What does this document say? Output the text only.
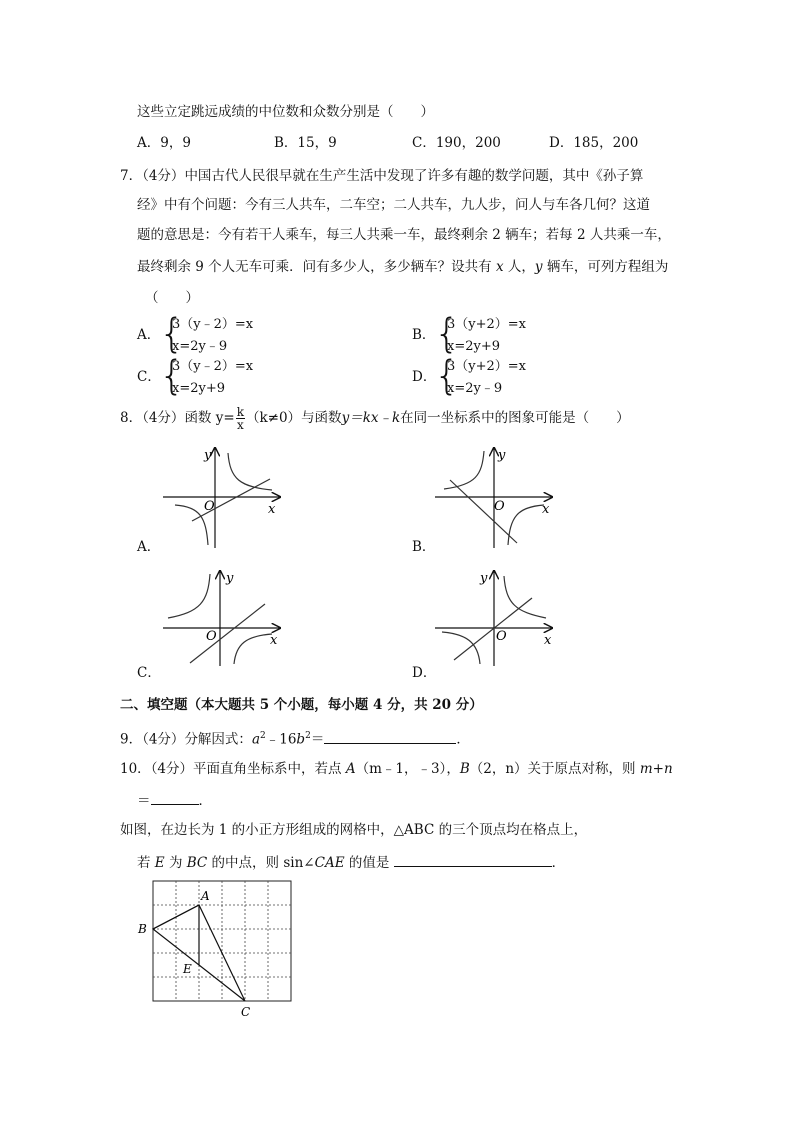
这些立定跳远成绩的中位数和众数分别是（　　）
A．9，9	B．15，9	C．190，200	D．185，200
7．（4分）中国古代人民很早就在生产生活中发现了许多有趣的数学问题，其中《孙子算
经》中有个问题：今有三人共车，二车空；二人共车，九人步，问人与车各几何？这道
题的意思是：今有若干人乘车，每三人共乘一车，最终剩余 2 辆车；若每 2 人共乘一车，
最终剩余 9 个人无车可乘．问有多少人，多少辆车？设共有 x 人，y 辆车，可列方程组为
（　　）
A．
{
3（y﹣2）=x
x=2y﹣9
B．
{
3（y+2）=x
x=2y+9
C．
{
3（y﹣2）=x
x=2y+9
D．
{
3（y+2）=x
x=2y﹣9
8．（4分）函数 $y= \frac{k}{x} (k\ne 0)$与函数y＝kx﹣k在同一坐标系中的图象可能是（　　）
O
y
x
A．
O
y
x
B．
O
y
x
C．
O
y
x
D．
二、填空题（本大题共 5 个小题，每小题 4 分，共 20 分）
9．（4分）分解因式：$a^2﹣16b^2=$	．
10．（4分）平面直角坐标系中，若点 A（m﹣1，﹣3），B（2，n）关于原点对称，则 m+n
＝	．
如图，在边长为 1 的小正方形组成的网格中，△ABC 的三个顶点均在格点上，
若 E 为 BC 的中点，则 sin∠CAE 的值是	．
A
B
C
E
